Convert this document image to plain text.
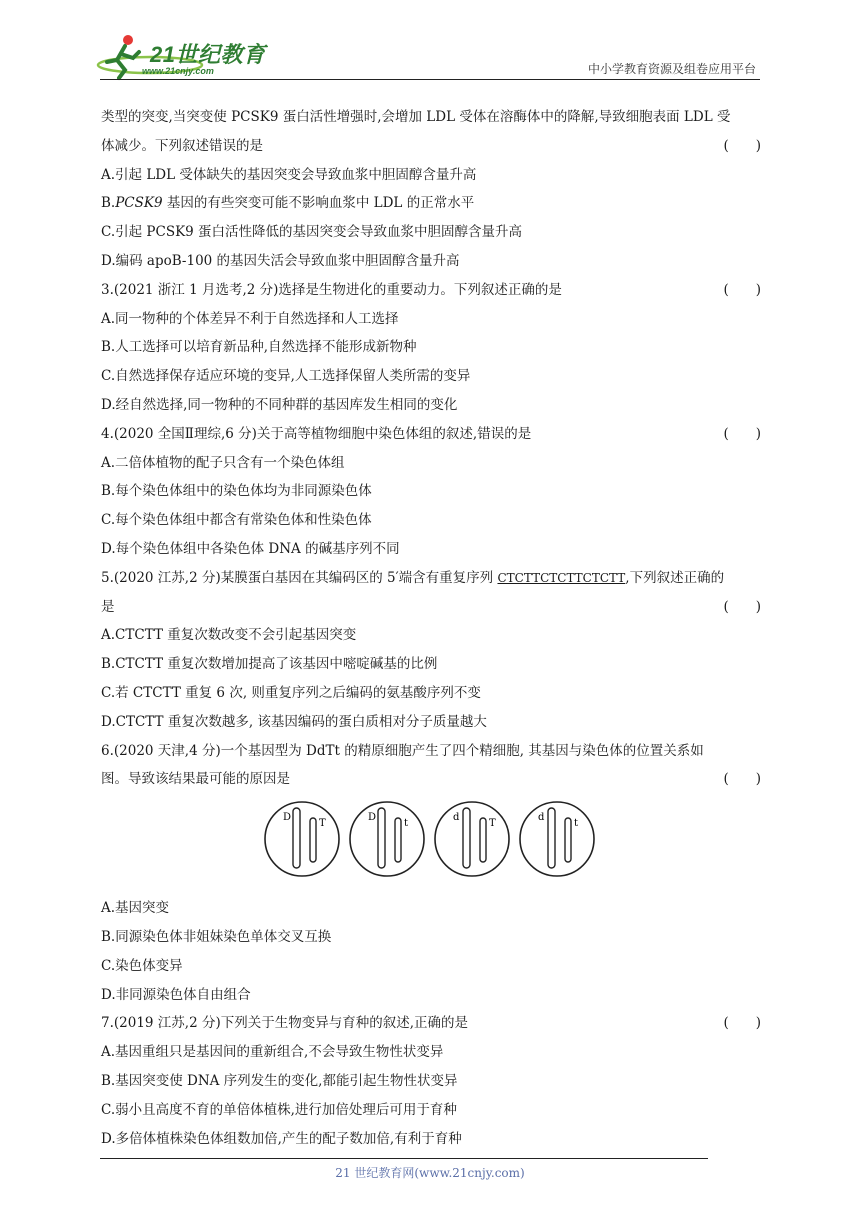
21世纪教育
www.21cnjy.com	中小学教育资源及组卷应用平台
类型的突变,当突变使 PCSK9 蛋白活性增强时,会增加 LDL 受体在溶酶体中的降解,导致细胞表面 LDL 受
体减少。下列叙述错误的是	(　　)
A.引起 LDL 受体缺失的基因突变会导致血浆中胆固醇含量升高
B.PCSK9 基因的有些突变可能不影响血浆中 LDL 的正常水平
C.引起 PCSK9 蛋白活性降低的基因突变会导致血浆中胆固醇含量升高
D.编码 apoB-100 的基因失活会导致血浆中胆固醇含量升高
3.(2021 浙江 1 月选考,2 分)选择是生物进化的重要动力。下列叙述正确的是	(　　)
A.同一物种的个体差异不利于自然选择和人工选择
B.人工选择可以培育新品种,自然选择不能形成新物种
C.自然选择保存适应环境的变异,人工选择保留人类所需的变异
D.经自然选择,同一物种的不同种群的基因库发生相同的变化
4.(2020 全国Ⅱ理综,6 分)关于高等植物细胞中染色体组的叙述,错误的是	(　　)
A.二倍体植物的配子只含有一个染色体组
B.每个染色体组中的染色体均为非同源染色体
C.每个染色体组中都含有常染色体和性染色体
D.每个染色体组中各染色体 DNA 的碱基序列不同
5.(2020 江苏,2 分)某膜蛋白基因在其编码区的 5′端含有重复序列 CTCTTCTCTTCTCTT,下列叙述正确的
是	(　　)
A.CTCTT 重复次数改变不会引起基因突变
B.CTCTT 重复次数增加提高了该基因中嘧啶碱基的比例
C.若 CTCTT 重复 6 次, 则重复序列之后编码的氨基酸序列不变
D.CTCTT 重复次数越多, 该基因编码的蛋白质相对分子质量越大
6.(2020 天津,4 分)一个基因型为 DdTt 的精原细胞产生了四个精细胞, 其基因与染色体的位置关系如
图。导致该结果最可能的原因是	(　　)
D
T
D
t
d
T
d
t
A.基因突变
B.同源染色体非姐妹染色单体交叉互换
C.染色体变异
D.非同源染色体自由组合
7.(2019 江苏,2 分)下列关于生物变异与育种的叙述,正确的是	(　　)
A.基因重组只是基因间的重新组合,不会导致生物性状变异
B.基因突变使 DNA 序列发生的变化,都能引起生物性状变异
C.弱小且高度不育的单倍体植株,进行加倍处理后可用于育种
D.多倍体植株染色体组数加倍,产生的配子数加倍,有利于育种
21 世纪教育网(www.21cnjy.com)
